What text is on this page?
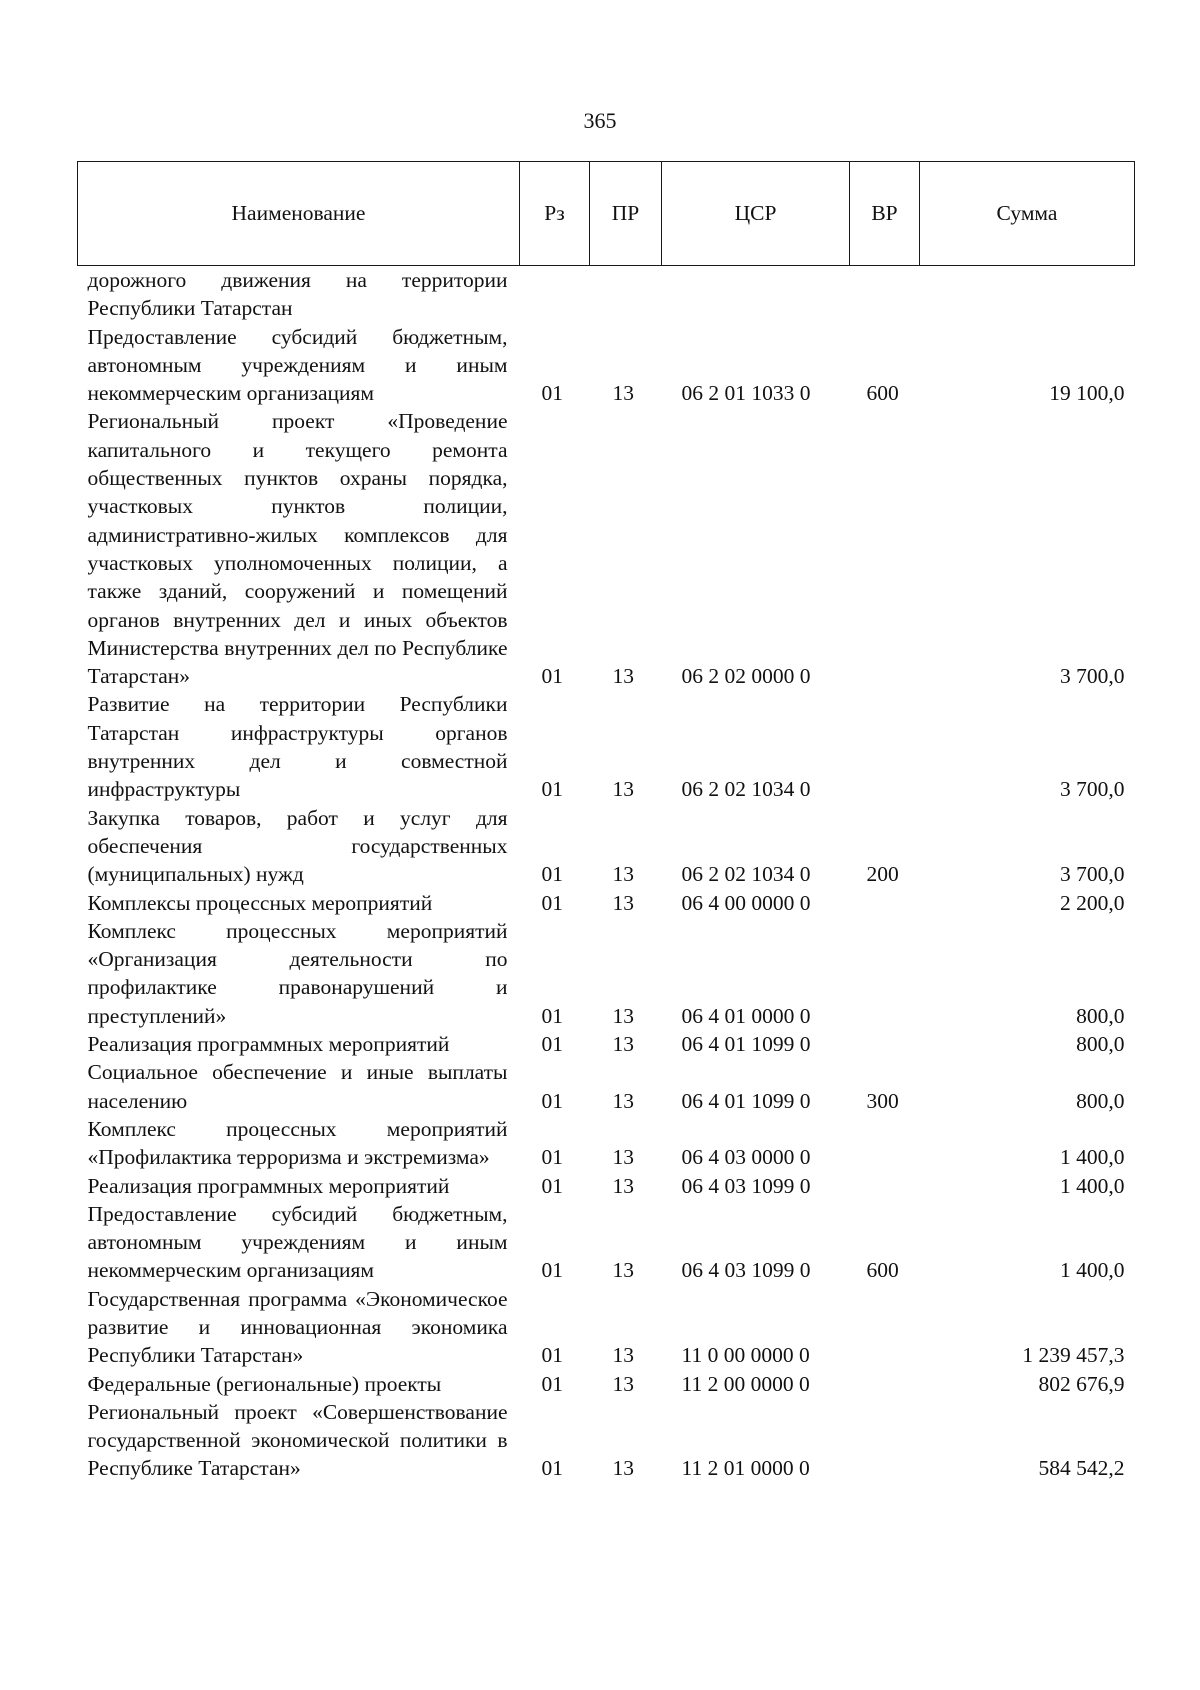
365
Наименование	Рз	ПР	ЦСР	ВР	Сумма
дорожного движения на территории Республики Татарстан					
Предоставление субсидий бюджетным, автономным учреждениям и иным некоммерческим организациям	01	13	06 2 01 1033 0	600	19 100,0
Региональный проект «Проведение капитального и текущего ремонта общественных пунктов охраны порядка, участковых пунктов полиции, административно-жилых комплексов для участковых уполномоченных полиции, а также зданий, сооружений и помещений органов внутренних дел и иных объектов Министерства внутренних дел по Республике Татарстан»	01	13	06 2 02 0000 0		3 700,0
Развитие на территории Республики Татарстан инфраструктуры органов внутренних дел и совместной инфраструктуры	01	13	06 2 02 1034 0		3 700,0
Закупка товаров, работ и услуг для обеспечения государственных (муниципальных) нужд	01	13	06 2 02 1034 0	200	3 700,0
Комплексы процессных мероприятий	01	13	06 4 00 0000 0		2 200,0
Комплекс процессных мероприятий «Организация деятельности по профилактике правонарушений и преступлений»	01	13	06 4 01 0000 0		800,0
Реализация программных мероприятий	01	13	06 4 01 1099 0		800,0
Социальное обеспечение и иные выплаты населению	01	13	06 4 01 1099 0	300	800,0
Комплекс процессных мероприятий «Профилактика терроризма и экстремизма»	01	13	06 4 03 0000 0		1 400,0
Реализация программных мероприятий	01	13	06 4 03 1099 0		1 400,0
Предоставление субсидий бюджетным, автономным учреждениям и иным некоммерческим организациям	01	13	06 4 03 1099 0	600	1 400,0
Государственная программа «Экономическое развитие и инновационная экономика Республики Татарстан»	01	13	11 0 00 0000 0		1 239 457,3
Федеральные (региональные) проекты	01	13	11 2 00 0000 0		802 676,9
Региональный проект «Совершенствование государственной экономической политики в Республике Татарстан»	01	13	11 2 01 0000 0		584 542,2
